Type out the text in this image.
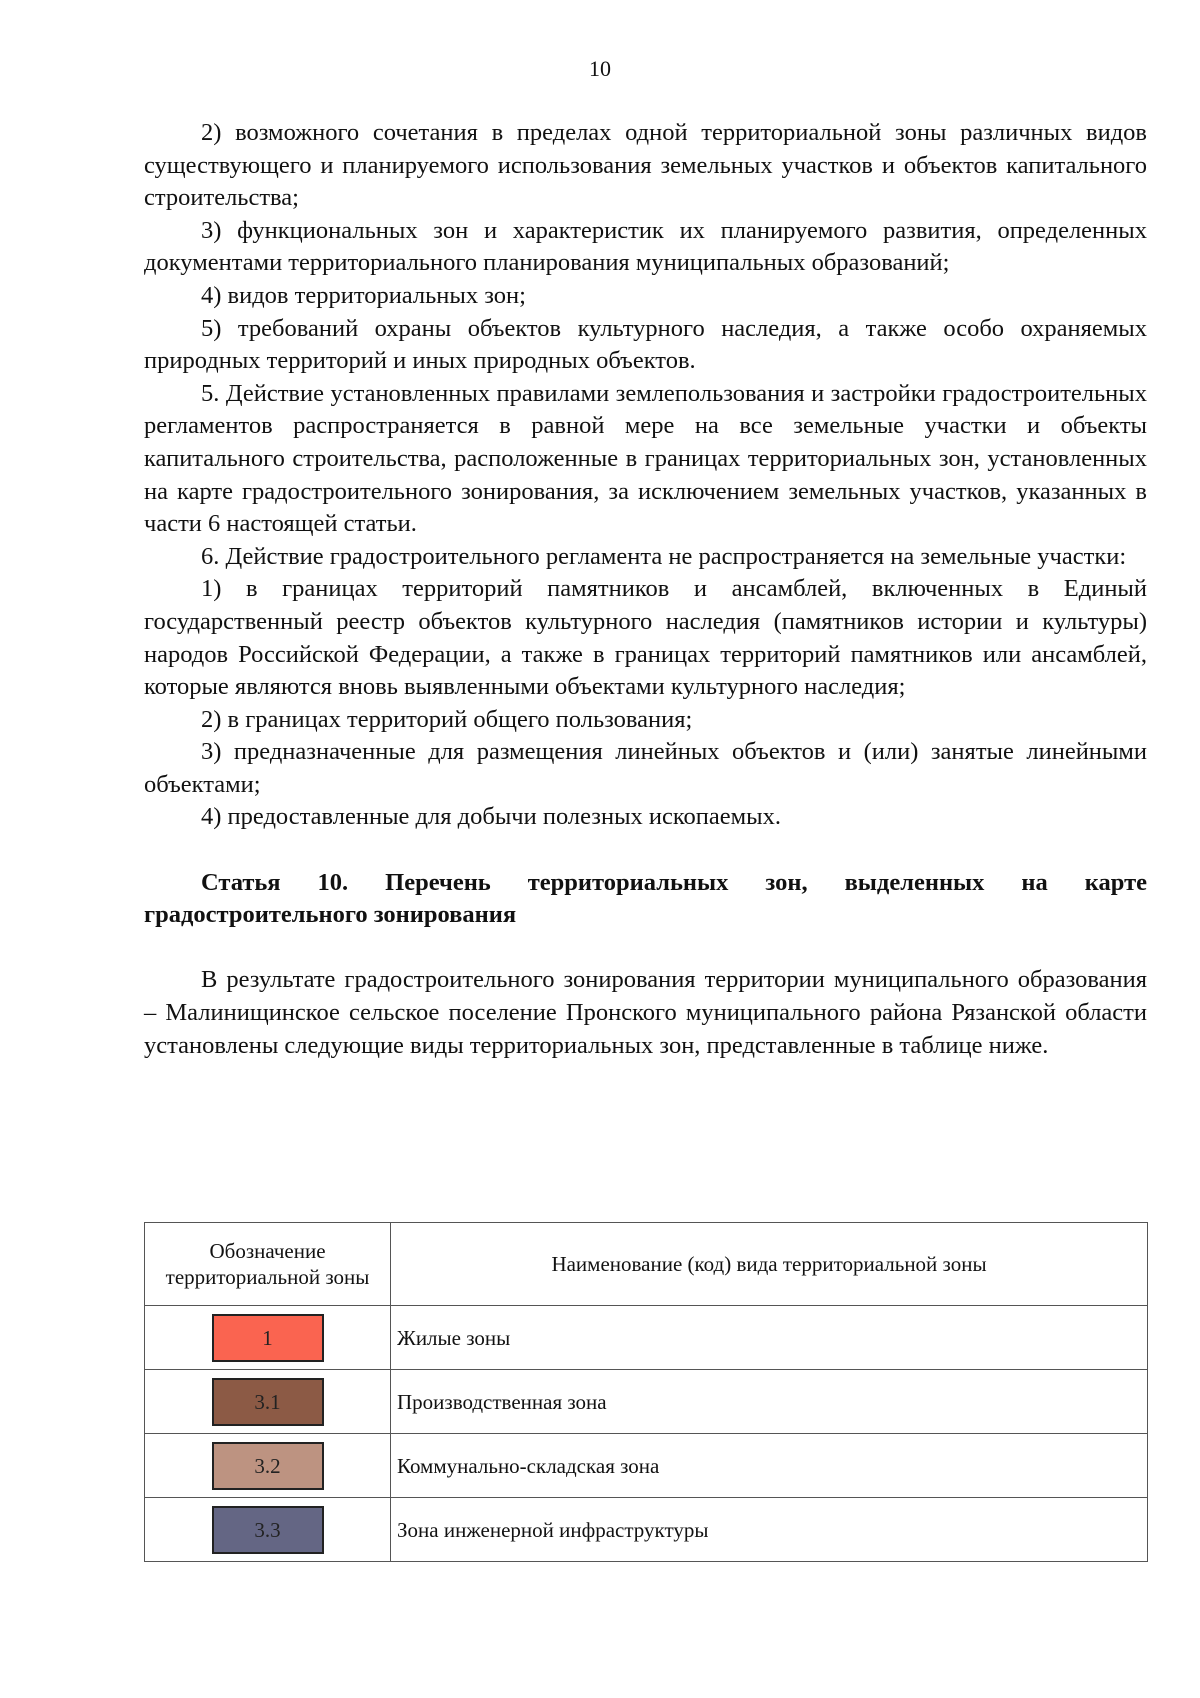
10

2) возможного сочетания в пределах одной территориальной зоны различных видов существующего и планируемого использования земельных участков и объектов капитального строительства;

3) функциональных зон и характеристик их планируемого развития, определенных документами территориального планирования муниципальных образований;

4) видов территориальных зон;

5) требований охраны объектов культурного наследия, а также особо охраняемых природных территорий и иных природных объектов.

5. Действие установленных правилами землепользования и застройки градостроительных регламентов распространяется в равной мере на все земельные участки и объекты капитального строительства, расположенные в границах территориальных зон, установленных на карте градостроительного зонирования, за исключением земельных участков, указанных в части 6 настоящей статьи.

6. Действие градостроительного регламента не распространяется на земельные участки:

1) в границах территорий памятников и ансамблей, включенных в Единый государственный реестр объектов культурного наследия (памятников истории и культуры) народов Российской Федерации, а также в границах территорий памятников или ансамблей, которые являются вновь выявленными объектами культурного наследия;

2) в границах территорий общего пользования;

3) предназначенные для размещения линейных объектов и (или) занятые линейными объектами;

4) предоставленные для добычи полезных ископаемых.

Статья 10. Перечень территориальных зон, выделенных на карте градостроительного зонирования

В результате градостроительного зонирования территории муниципального образования – Малинищинское сельское поселение Пронского муниципального района Рязанской области установлены следующие виды территориальных зон, представленные в таблице ниже.

Обозначение территориальной зоны	Наименование (код) вида территориальной зоны
1	Жилые зоны
3.1	Производственная зона
3.2	Коммунально-складская зона
3.3	Зона инженерной инфраструктуры
